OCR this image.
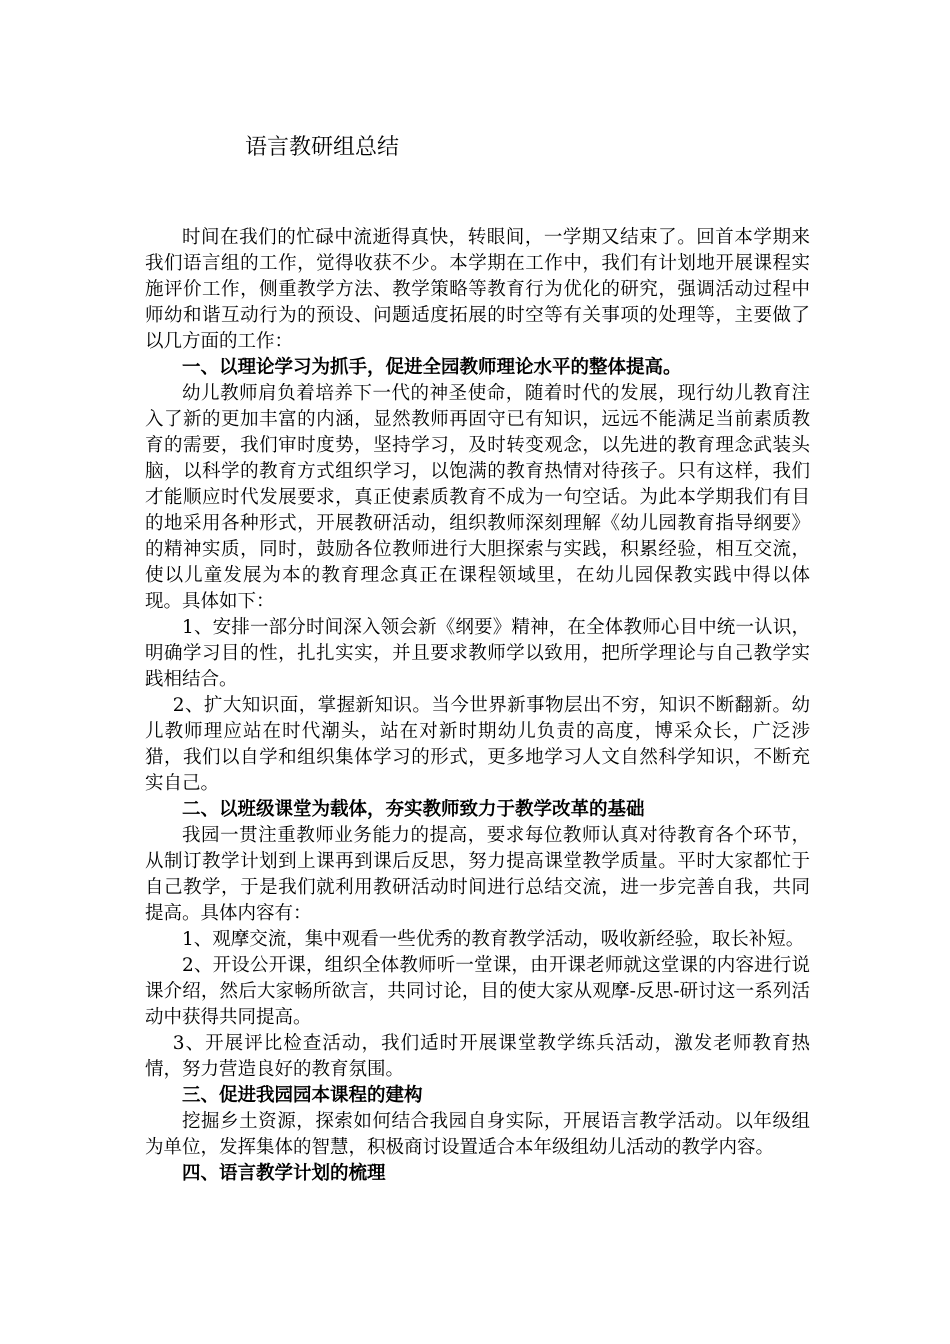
语言教研组总结

时间在我们的忙碌中流逝得真快，转眼间，一学期又结束了。回首本学期来我们语言组的工作，觉得收获不少。本学期在工作中，我们有计划地开展课程实施评价工作，侧重教学方法、教学策略等教育行为优化的研究，强调活动过程中师幼和谐互动行为的预设、问题适度拓展的时空等有关事项的处理等，主要做了以几方面的工作：

一、以理论学习为抓手，促进全园教师理论水平的整体提高。

幼儿教师肩负着培养下一代的神圣使命，随着时代的发展，现行幼儿教育注入了新的更加丰富的内涵，显然教师再固守已有知识，远远不能满足当前素质教育的需要，我们审时度势，坚持学习，及时转变观念，以先进的教育理念武装头脑，以科学的教育方式组织学习，以饱满的教育热情对待孩子。只有这样，我们才能顺应时代发展要求，真正使素质教育不成为一句空话。为此本学期我们有目的地采用各种形式，开展教研活动，组织教师深刻理解《幼儿园教育指导纲要》的精神实质，同时，鼓励各位教师进行大胆探索与实践，积累经验，相互交流，使以儿童发展为本的教育理念真正在课程领域里，在幼儿园保教实践中得以体现。具体如下：

1、安排一部分时间深入领会新《纲要》精神，在全体教师心目中统一认识，明确学习目的性，扎扎实实，并且要求教师学以致用，把所学理论与自己教学实践相结合。

2、扩大知识面，掌握新知识。当今世界新事物层出不穷，知识不断翻新。幼儿教师理应站在时代潮头，站在对新时期幼儿负责的高度，博采众长，广泛涉猎，我们以自学和组织集体学习的形式，更多地学习人文自然科学知识，不断充实自己。

二、以班级课堂为载体，夯实教师致力于教学改革的基础

我园一贯注重教师业务能力的提高，要求每位教师认真对待教育各个环节，从制订教学计划到上课再到课后反思，努力提高课堂教学质量。平时大家都忙于自己教学，于是我们就利用教研活动时间进行总结交流，进一步完善自我，共同提高。具体内容有：

1、观摩交流，集中观看一些优秀的教育教学活动，吸收新经验，取长补短。

2、开设公开课，组织全体教师听一堂课，由开课老师就这堂课的内容进行说课介绍，然后大家畅所欲言，共同讨论，目的使大家从观摩-反思-研讨这一系列活动中获得共同提高。

3、开展评比检查活动，我们适时开展课堂教学练兵活动，激发老师教育热情，努力营造良好的教育氛围。

三、促进我园园本课程的建构

挖掘乡土资源，探索如何结合我园自身实际，开展语言教学活动。以年级组为单位，发挥集体的智慧，积极商讨设置适合本年级组幼儿活动的教学内容。

四、语言教学计划的梳理
